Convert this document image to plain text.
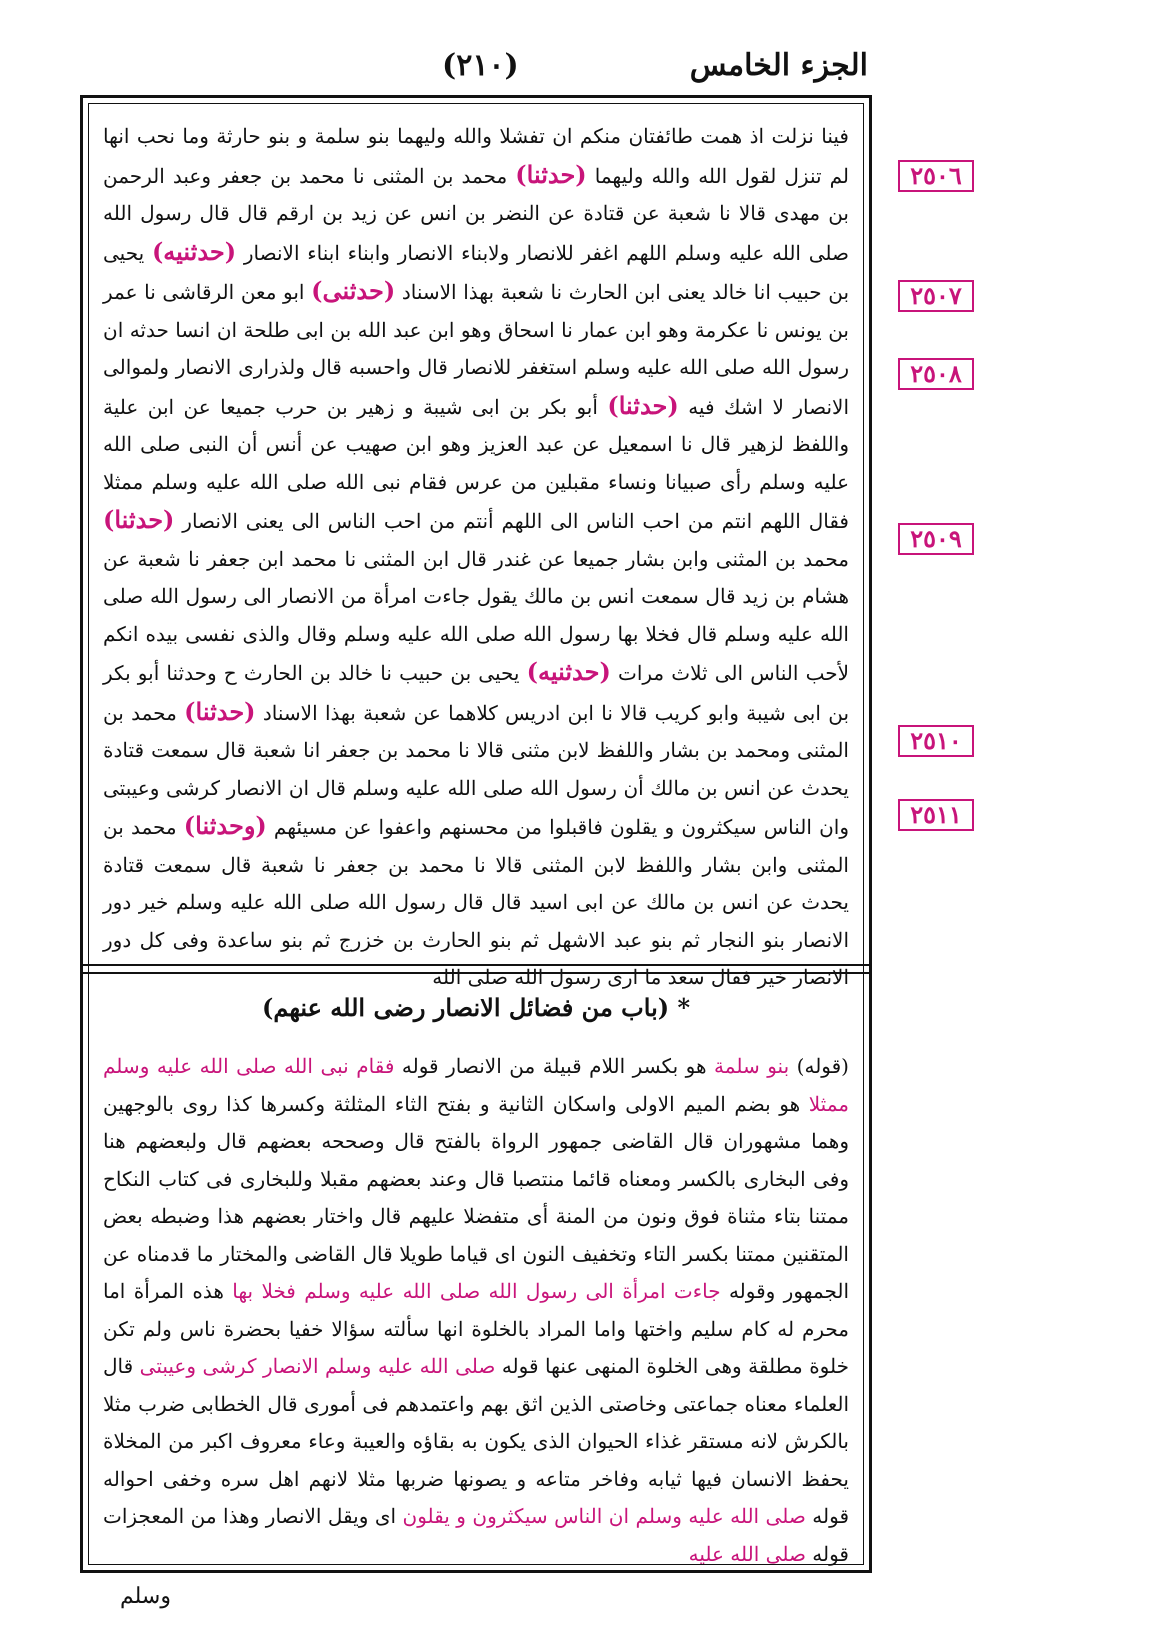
الجزء الخامس
(٢١٠)

فينا نزلت اذ همت طائفتان منكم ان تفشلا والله وليهما بنو سلمة و بنو حارثة وما نحب انها لم تنزل لقول الله والله وليهما (حدثنا) محمد بن المثنى نا محمد بن جعفر وعبد الرحمن بن مهدى قالا نا شعبة عن قتادة عن النضر بن انس عن زيد بن ارقم قال قال رسول الله صلى الله عليه وسلم اللهم اغفر للانصار ولابناء الانصار وابناء ابناء الانصار (حدثنيه) يحيى بن حبيب انا خالد يعنى ابن الحارث نا شعبة بهذا الاسناد (حدثنى) ابو معن الرقاشى نا عمر بن يونس نا عكرمة وهو ابن عمار نا اسحاق وهو ابن عبد الله بن ابى طلحة ان انسا حدثه ان رسول الله صلى الله عليه وسلم استغفر للانصار قال واحسبه قال ولذرارى الانصار ولموالى الانصار لا اشك فيه (حدثنا) أبو بكر بن ابى شيبة و زهير بن حرب جميعا عن ابن علية واللفظ لزهير قال نا اسمعيل عن عبد العزيز وهو ابن صهيب عن أنس أن النبى صلى الله عليه وسلم رأى صبيانا ونساء مقبلين من عرس فقام نبى الله صلى الله عليه وسلم ممثلا فقال اللهم انتم من احب الناس الى اللهم أنتم من احب الناس الى يعنى الانصار (حدثنا) محمد بن المثنى وابن بشار جميعا عن غندر قال ابن المثنى نا محمد ابن جعفر نا شعبة عن هشام بن زيد قال سمعت انس بن مالك يقول جاءت امرأة من الانصار الى رسول الله صلى الله عليه وسلم قال فخلا بها رسول الله صلى الله عليه وسلم وقال والذى نفسى بيده انكم لأحب الناس الى ثلاث مرات (حدثنيه) يحيى بن حبيب نا خالد بن الحارث ح وحدثنا أبو بكر بن ابى شيبة وابو كريب قالا نا ابن ادريس كلاهما عن شعبة بهذا الاسناد (حدثنا) محمد بن المثنى ومحمد بن بشار واللفظ لابن مثنى قالا نا محمد بن جعفر انا شعبة قال سمعت قتادة يحدث عن انس بن مالك أن رسول الله صلى الله عليه وسلم قال ان الانصار كرشى وعيبتى وان الناس سيكثرون و يقلون فاقبلوا من محسنهم واعفوا عن مسيئهم (وحدثنا) محمد بن المثنى وابن بشار واللفظ لابن المثنى قالا نا محمد بن جعفر نا شعبة قال سمعت قتادة يحدث عن انس بن مالك عن ابى اسيد قال قال رسول الله صلى الله عليه وسلم خير دور الانصار بنو النجار ثم بنو عبد الاشهل ثم بنو الحارث بن خزرج ثم بنو ساعدة وفى كل دور الانصار خير فقال سعد ما ارى رسول الله صلى الله

* (باب من فضائل الانصار رضى الله عنهم)

(قوله) بنو سلمة هو بكسر اللام قبيلة من الانصار قوله فقام نبى الله صلى الله عليه وسلم ممثلا هو بضم الميم الاولى واسكان الثانية و بفتح الثاء المثلثة وكسرها كذا روى بالوجهين وهما مشهوران قال القاضى جمهور الرواة بالفتح قال وصححه بعضهم قال ولبعضهم هنا وفى البخارى بالكسر ومعناه قائما منتصبا قال وعند بعضهم مقبلا وللبخارى فى كتاب النكاح ممتنا بتاء مثناة فوق ونون من المنة أى متفضلا عليهم قال واختار بعضهم هذا وضبطه بعض المتقنين ممتنا بكسر التاء وتخفيف النون اى قياما طويلا قال القاضى والمختار ما قدمناه عن الجمهور وقوله جاءت امرأة الى رسول الله صلى الله عليه وسلم فخلا بها هذه المرأة اما محرم له كام سليم واختها واما المراد بالخلوة انها سألته سؤالا خفيا بحضرة ناس ولم تكن خلوة مطلقة وهى الخلوة المنهى عنها قوله صلى الله عليه وسلم الانصار كرشى وعيبتى قال العلماء معناه جماعتى وخاصتى الذين اثق بهم واعتمدهم فى أمورى قال الخطابى ضرب مثلا بالكرش لانه مستقر غذاء الحيوان الذى يكون به بقاؤه والعيبة وعاء معروف اكبر من المخلاة يحفظ الانسان فيها ثيابه وفاخر متاعه و يصونها ضربها مثلا لانهم اهل سره وخفى احواله قوله صلى الله عليه وسلم ان الناس سيكثرون و يقلون اى ويقل الانصار وهذا من المعجزات قوله صلى الله عليه

٢٥٠٦
٢٥٠٧
٢٥٠٨
٢٥٠٩
٢٥١٠
٢٥١١
وسلم
